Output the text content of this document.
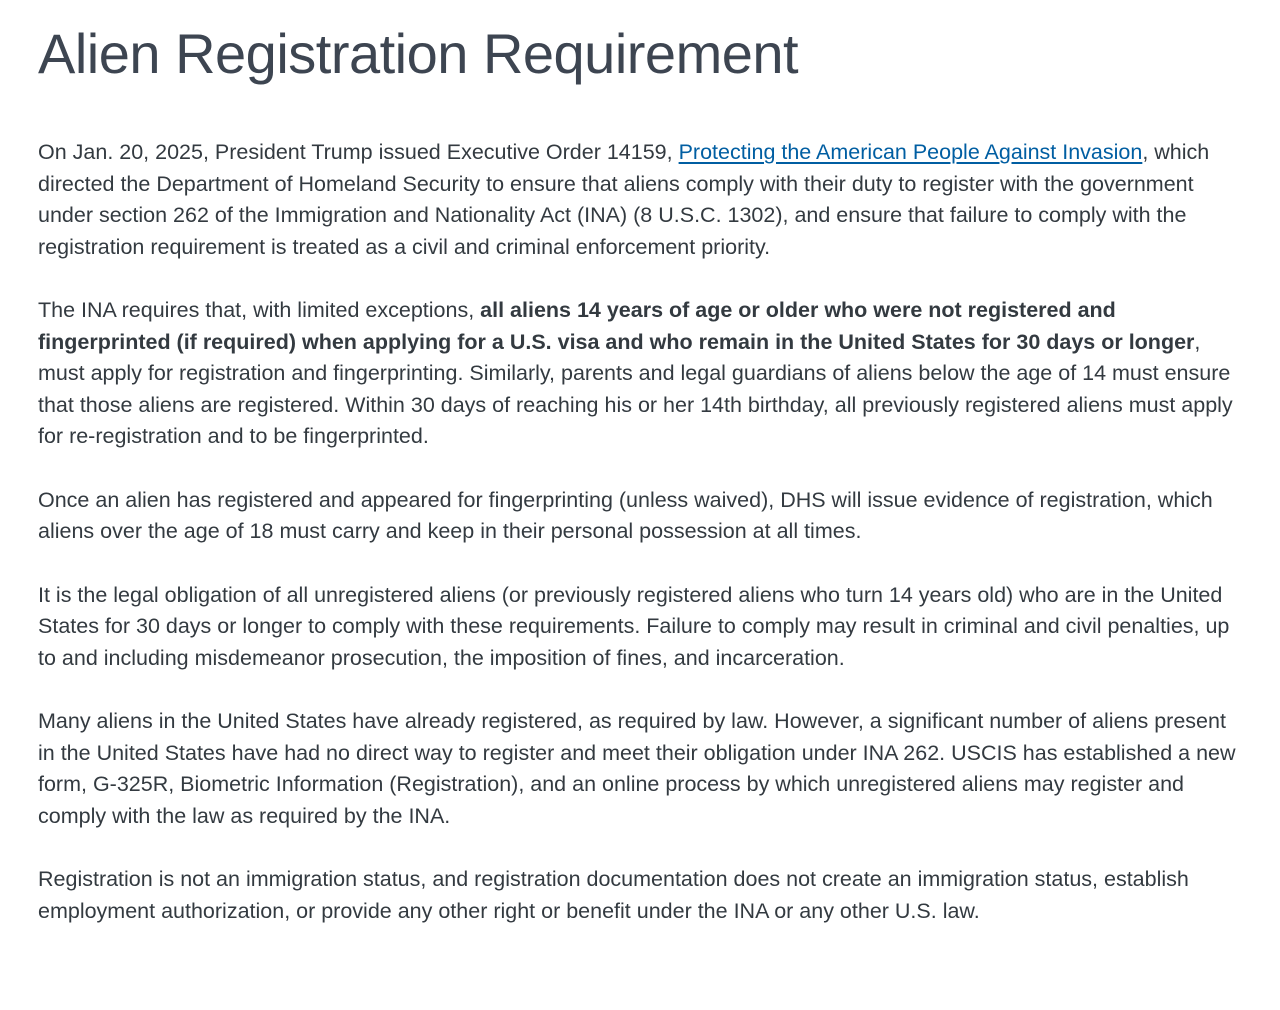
Alien Registration Requirement

On Jan. 20, 2025, President Trump issued Executive Order 14159, Protecting the American People Against Invasion, which directed the Department of Homeland Security to ensure that aliens comply with their duty to register with the government under section 262 of the Immigration and Nationality Act (INA) (8 U.S.C. 1302), and ensure that failure to comply with the registration requirement is treated as a civil and criminal enforcement priority.

The INA requires that, with limited exceptions, all aliens 14 years of age or older who were not registered and fingerprinted (if required) when applying for a U.S. visa and who remain in the United States for 30 days or longer, must apply for registration and fingerprinting. Similarly, parents and legal guardians of aliens below the age of 14 must ensure that those aliens are registered. Within 30 days of reaching his or her 14th birthday, all previously registered aliens must apply for re-registration and to be fingerprinted.

Once an alien has registered and appeared for fingerprinting (unless waived), DHS will issue evidence of registration, which aliens over the age of 18 must carry and keep in their personal possession at all times.

It is the legal obligation of all unregistered aliens (or previously registered aliens who turn 14 years old) who are in the United States for 30 days or longer to comply with these requirements. Failure to comply may result in criminal and civil penalties, up to and including misdemeanor prosecution, the imposition of fines, and incarceration.

Many aliens in the United States have already registered, as required by law. However, a significant number of aliens present in the United States have had no direct way to register and meet their obligation under INA 262. USCIS has established a new form, G-325R, Biometric Information (Registration), and an online process by which unregistered aliens may register and comply with the law as required by the INA.

Registration is not an immigration status, and registration documentation does not create an immigration status, establish employment authorization, or provide any other right or benefit under the INA or any other U.S. law.
